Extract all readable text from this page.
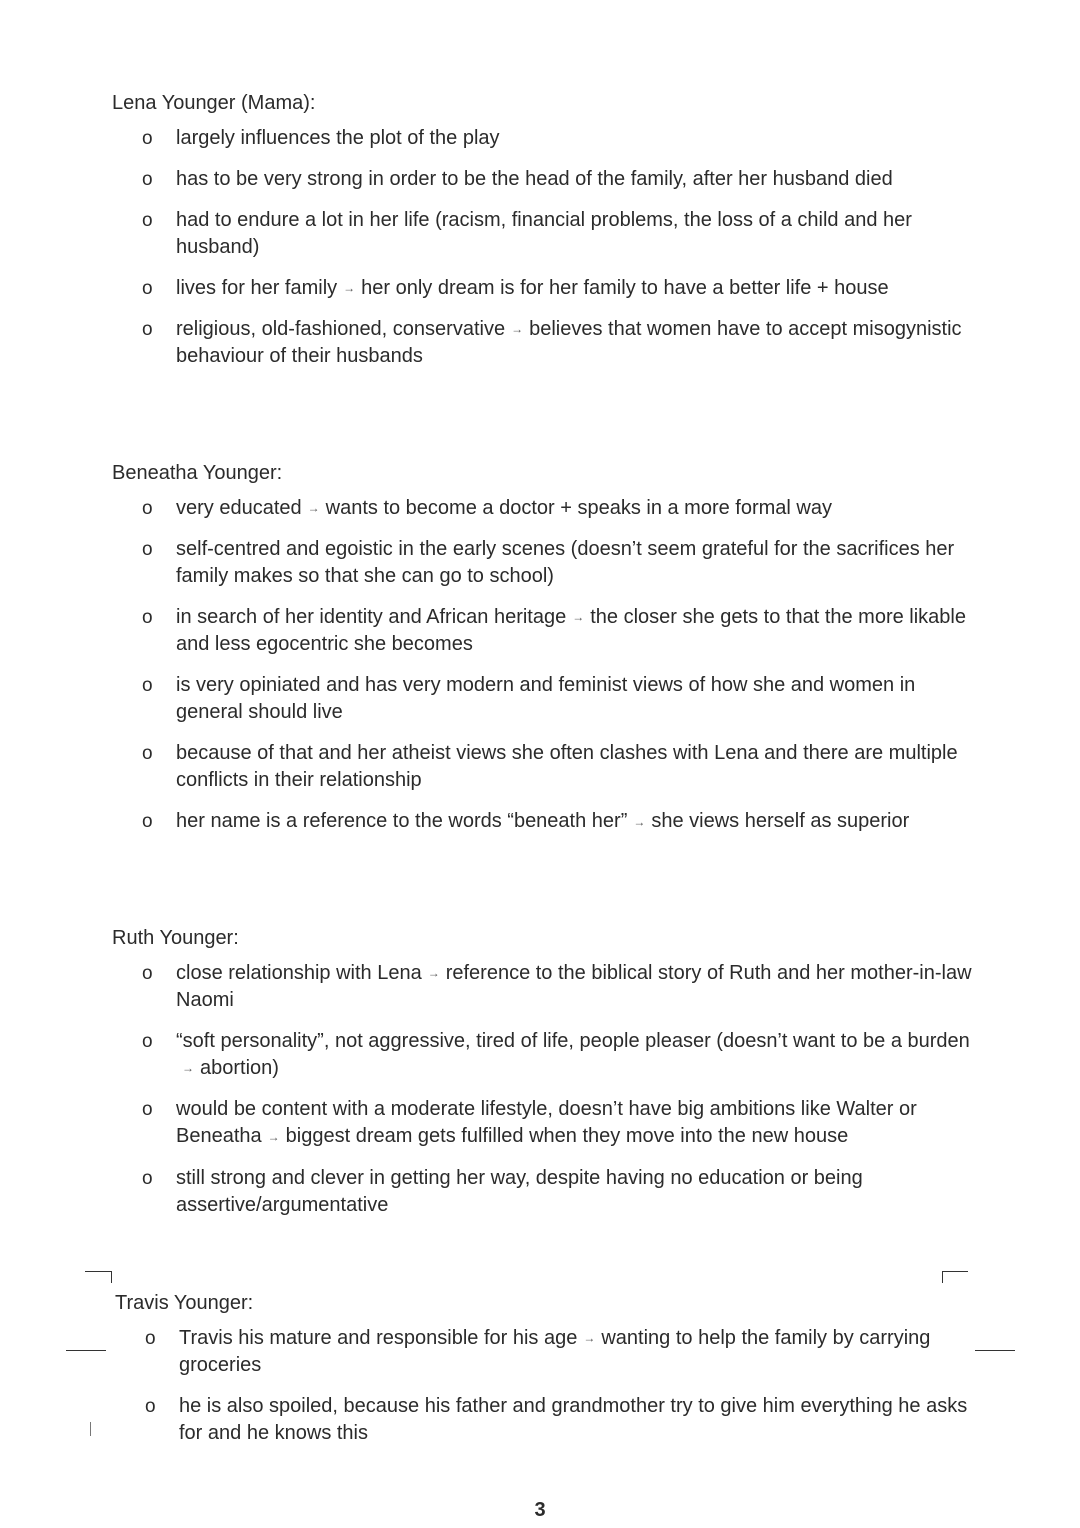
Lena Younger (Mama):
o largely influences the plot of the play
o has to be very strong in order to be the head of the family, after her husband died
o had to endure a lot in her life (racism, financial problems, the loss of a child and her husband)
o lives for her family → her only dream is for her family to have a better life + house
o religious, old-fashioned, conservative → believes that women have to accept misogynistic behaviour of their husbands
Beneatha Younger:
o very educated → wants to become a doctor + speaks in a more formal way
o self-centred and egoistic in the early scenes (doesn’t seem grateful for the sacrifices her family makes so that she can go to school)
o in search of her identity and African heritage → the closer she gets to that the more likable and less egocentric she becomes
o is very opiniated and has very modern and feminist views of how she and women in general should live
o because of that and her atheist views she often clashes with Lena and there are multiple conflicts in their relationship
o her name is a reference to the words “beneath her” → she views herself as superior
Ruth Younger:
o close relationship with Lena → reference to the biblical story of Ruth and her mother-in-law Naomi
o “soft personality”, not aggressive, tired of life, people pleaser (doesn’t want to be a burden→ abortion)
o would be content with a moderate lifestyle, doesn’t have big ambitions like Walter or Beneatha → biggest dream gets fulfilled when they move into the new house
o still strong and clever in getting her way, despite having no education or being assertive/argumentative
Travis Younger:
o Travis his mature and responsible for his age → wanting to help the family by carrying groceries
o he is also spoiled, because his father and grandmother try to give him everything he asks for and he knows this
3
